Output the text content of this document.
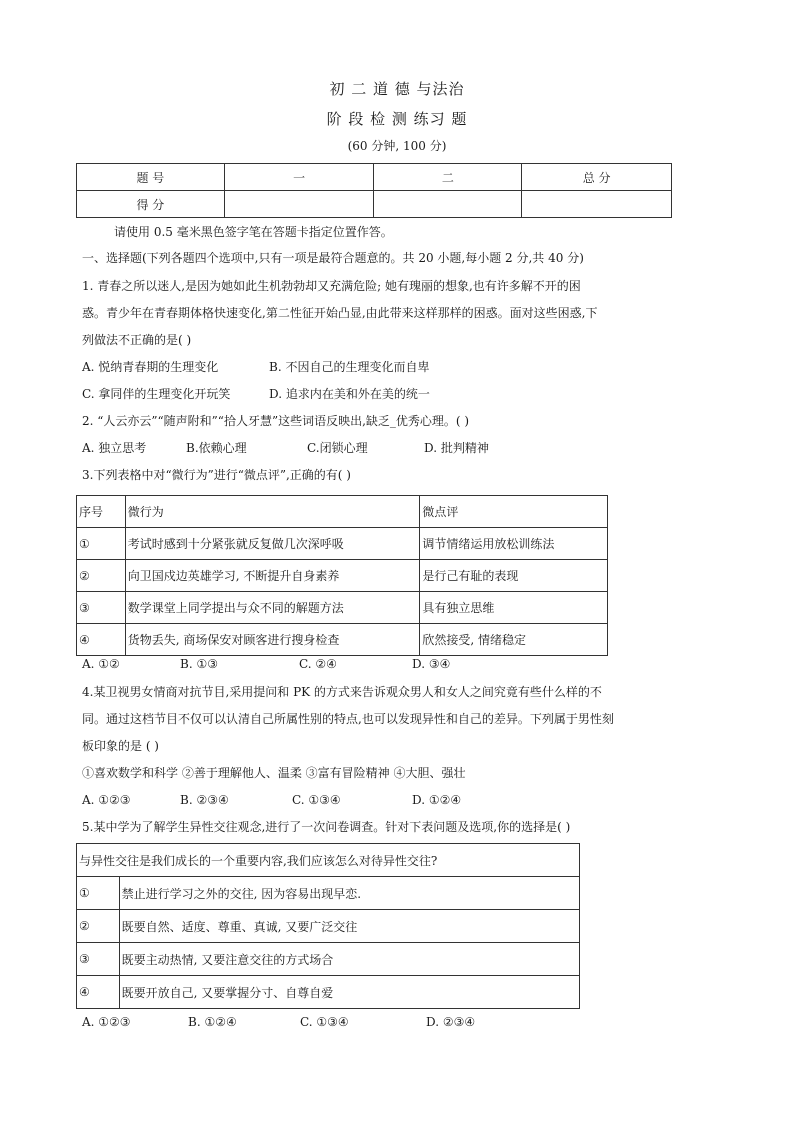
初 二 道 德 与法治
阶 段 检 测 练习 题
(60 分钟, 100 分)
题 号	一	二	总 分
得 分			
请使用 0.5 毫米黑色签字笔在答题卡指定位置作答。
一、选择题(下列各题四个选项中,只有一项是最符合题意的。共 20 小题,每小题 2 分,共 40 分)
1. 青春之所以迷人,是因为她如此生机勃勃却又充满危险; 她有瑰丽的想象,也有许多解不开的困
惑。青少年在青春期体格快速变化,第二性征开始凸显,由此带来这样那样的困惑。面对这些困惑,下
列做法不正确的是( )
A. 悦纳青春期的生理变化	B. 不因自己的生理变化而自卑
C. 拿同伴的生理变化开玩笑	D. 追求内在美和外在美的统一
2. “人云亦云”“随声附和”“拾人牙慧”这些词语反映出,缺乏_优秀心理。( )
A. 独立思考	B.依赖心理	C.闭锁心理	D. 批判精神
3.下列表格中对“微行为”进行“微点评”,正确的有( )
序号	微行为	微点评
①	考试时感到十分紧张就反复做几次深呼吸	调节情绪运用放松训练法
②	向卫国戍边英雄学习, 不断提升自身素养	是行己有耻的表现
③	数学课堂上同学提出与众不同的解题方法	具有独立思维
④	货物丢失, 商场保安对顾客进行搜身检查	欣然接受, 情绪稳定
A. ①②	B. ①③	C. ②④	D. ③④
4.某卫视男女情商对抗节目,采用提问和 PK 的方式来告诉观众男人和女人之间究竟有些什么样的不
同。通过这档节目不仅可以认清自己所属性别的特点,也可以发现异性和自己的差异。下列属于男性刻
板印象的是 ( )
①喜欢数学和科学 ②善于理解他人、温柔 ③富有冒险精神 ④大胆、强壮
A. ①②③	B. ②③④	C. ①③④	D. ①②④
5.某中学为了解学生异性交往观念,进行了一次问卷调查。针对下表问题及选项,你的选择是( )
与异性交往是我们成长的一个重要内容,我们应该怎么对待异性交往?	
①	禁止进行学习之外的交往, 因为容易出现早恋.
②	既要自然、适度、尊重、真诚, 又要广泛交往
③	既要主动热情, 又要注意交往的方式场合
④	既要开放自己, 又要掌握分寸、自尊自爱
A. ①②③	B. ①②④	C. ①③④	D. ②③④
